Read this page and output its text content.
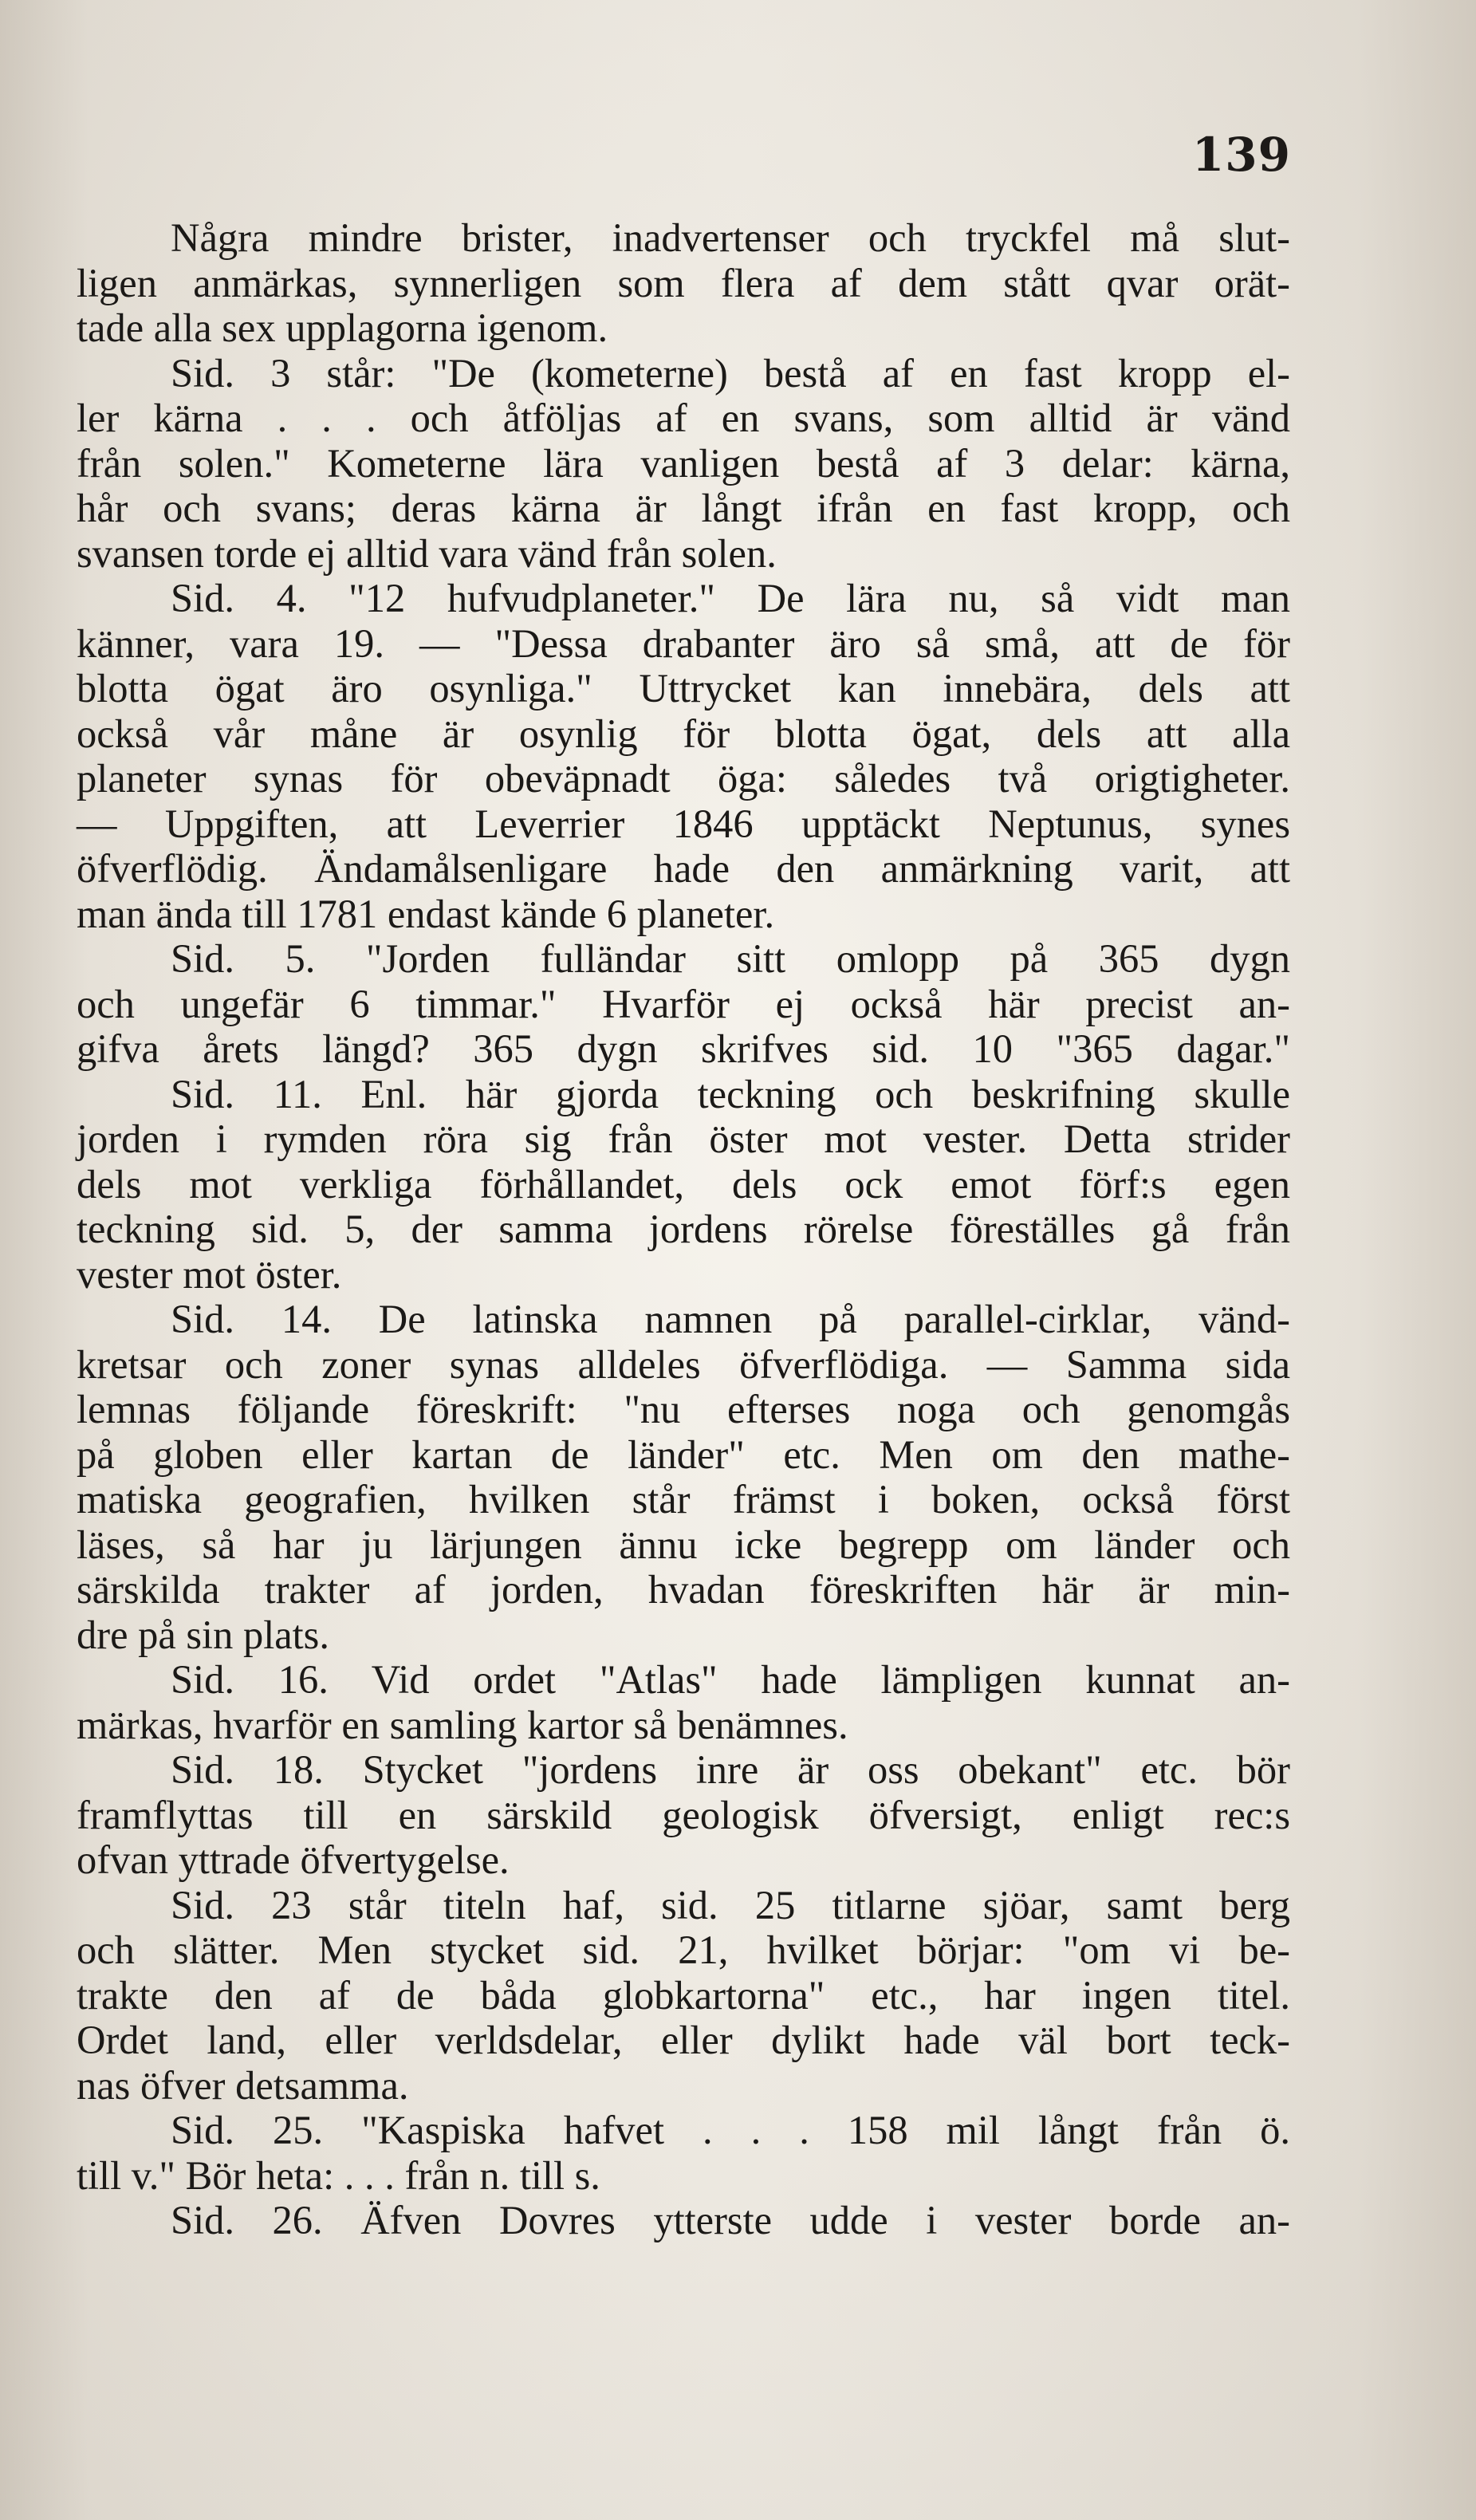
139
Några mindre brister, inadvertenser och tryckfel må slut-
ligen anmärkas, synnerligen som flera af dem stått qvar orät-
tade alla sex upplagorna igenom.
Sid. 3 står: "De (kometerne) bestå af en fast kropp el-
ler kärna . . . och åtföljas af en svans, som alltid är vänd
från solen." Kometerne lära vanligen bestå af 3 delar: kärna,
hår och svans; deras kärna är långt ifrån en fast kropp, och
svansen torde ej alltid vara vänd från solen.
Sid. 4. "12 hufvudplaneter." De lära nu, så vidt man
känner, vara 19. — "Dessa drabanter äro så små, att de för
blotta ögat äro osynliga." Uttrycket kan innebära, dels att
också vår måne är osynlig för blotta ögat, dels att alla
planeter synas för obeväpnadt öga: således två origtigheter.
— Uppgiften, att Leverrier 1846 upptäckt Neptunus, synes
öfverflödig. Ändamålsenligare hade den anmärkning varit, att
man ända till 1781 endast kände 6 planeter.
Sid. 5. "Jorden fulländar sitt omlopp på 365 dygn
och ungefär 6 timmar." Hvarför ej också här precist an-
gifva årets längd? 365 dygn skrifves sid. 10 "365 dagar."
Sid. 11. Enl. här gjorda teckning och beskrifning skulle
jorden i rymden röra sig från öster mot vester. Detta strider
dels mot verkliga förhållandet, dels ock emot förf:s egen
teckning sid. 5, der samma jordens rörelse föreställes gå från
vester mot öster.
Sid. 14. De latinska namnen på parallel-cirklar, vänd-
kretsar och zoner synas alldeles öfverflödiga. — Samma sida
lemnas följande föreskrift: "nu efterses noga och genomgås
på globen eller kartan de länder" etc. Men om den mathe-
matiska geografien, hvilken står främst i boken, också först
läses, så har ju lärjungen ännu icke begrepp om länder och
särskilda trakter af jorden, hvadan föreskriften här är min-
dre på sin plats.
Sid. 16. Vid ordet "Atlas" hade lämpligen kunnat an-
märkas, hvarför en samling kartor så benämnes.
Sid. 18. Stycket "jordens inre är oss obekant" etc. bör
framflyttas till en särskild geologisk öfversigt, enligt rec:s
ofvan yttrade öfvertygelse.
Sid. 23 står titeln haf, sid. 25 titlarne sjöar, samt berg
och slätter. Men stycket sid. 21, hvilket börjar: "om vi be-
trakte den af de båda globkartorna" etc., har ingen titel.
Ordet land, eller verldsdelar, eller dylikt hade väl bort teck-
nas öfver detsamma.
Sid. 25. "Kaspiska hafvet . . . 158 mil långt från ö.
till v." Bör heta: . . . från n. till s.
Sid. 26. Äfven Dovres ytterste udde i vester borde an-
